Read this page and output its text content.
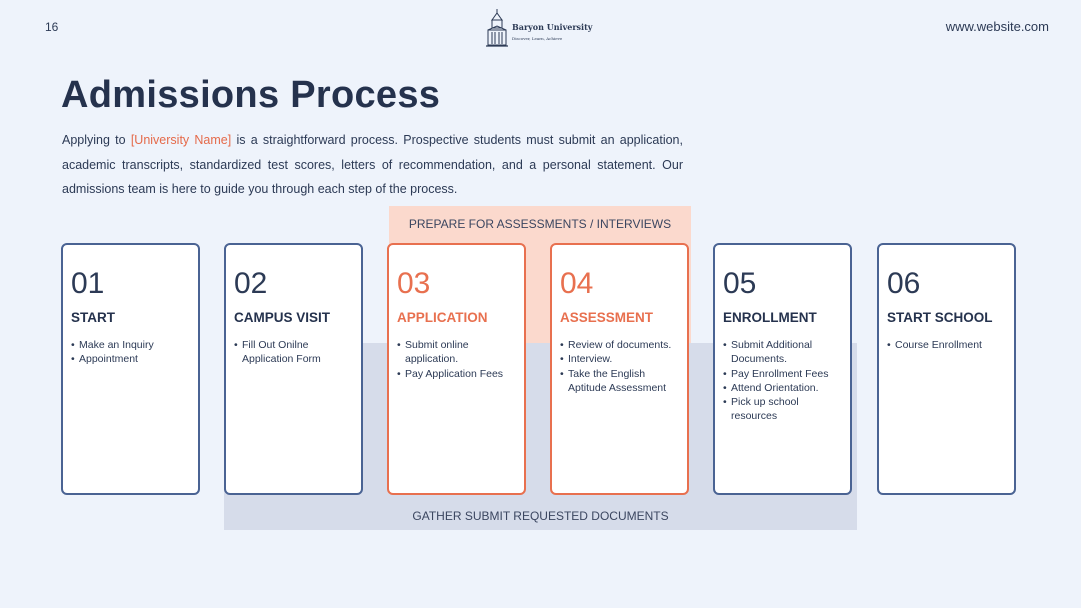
16	Baryon University
Discover, Learn, Achieve
www.website.com
Admissions Process

Applying to [University Name] is a straightforward process. Prospective students must submit an application, academic transcripts, standardized test scores, letters of recommendation, and a personal statement. Our admissions team is here to guide you through each step of the process.

GATHER SUBMIT REQUESTED DOCUMENTS
PREPARE FOR ASSESSMENTS / INTERVIEWS
01
START
• Make an Inquiry
• Appointment
02
CAMPUS VISIT
• Fill Out Onilne Application Form
03
APPLICATION
• Submit online application.
• Pay Application Fees
04
ASSESSMENT
• Review of documents.
• Interview.
• Take the English Aptitude Assessment
05
ENROLLMENT
• Submit Additional Documents.
• Pay Enrollment Fees
• Attend Orientation.
• Pick up school resources
06
START SCHOOL
• Course Enrollment
